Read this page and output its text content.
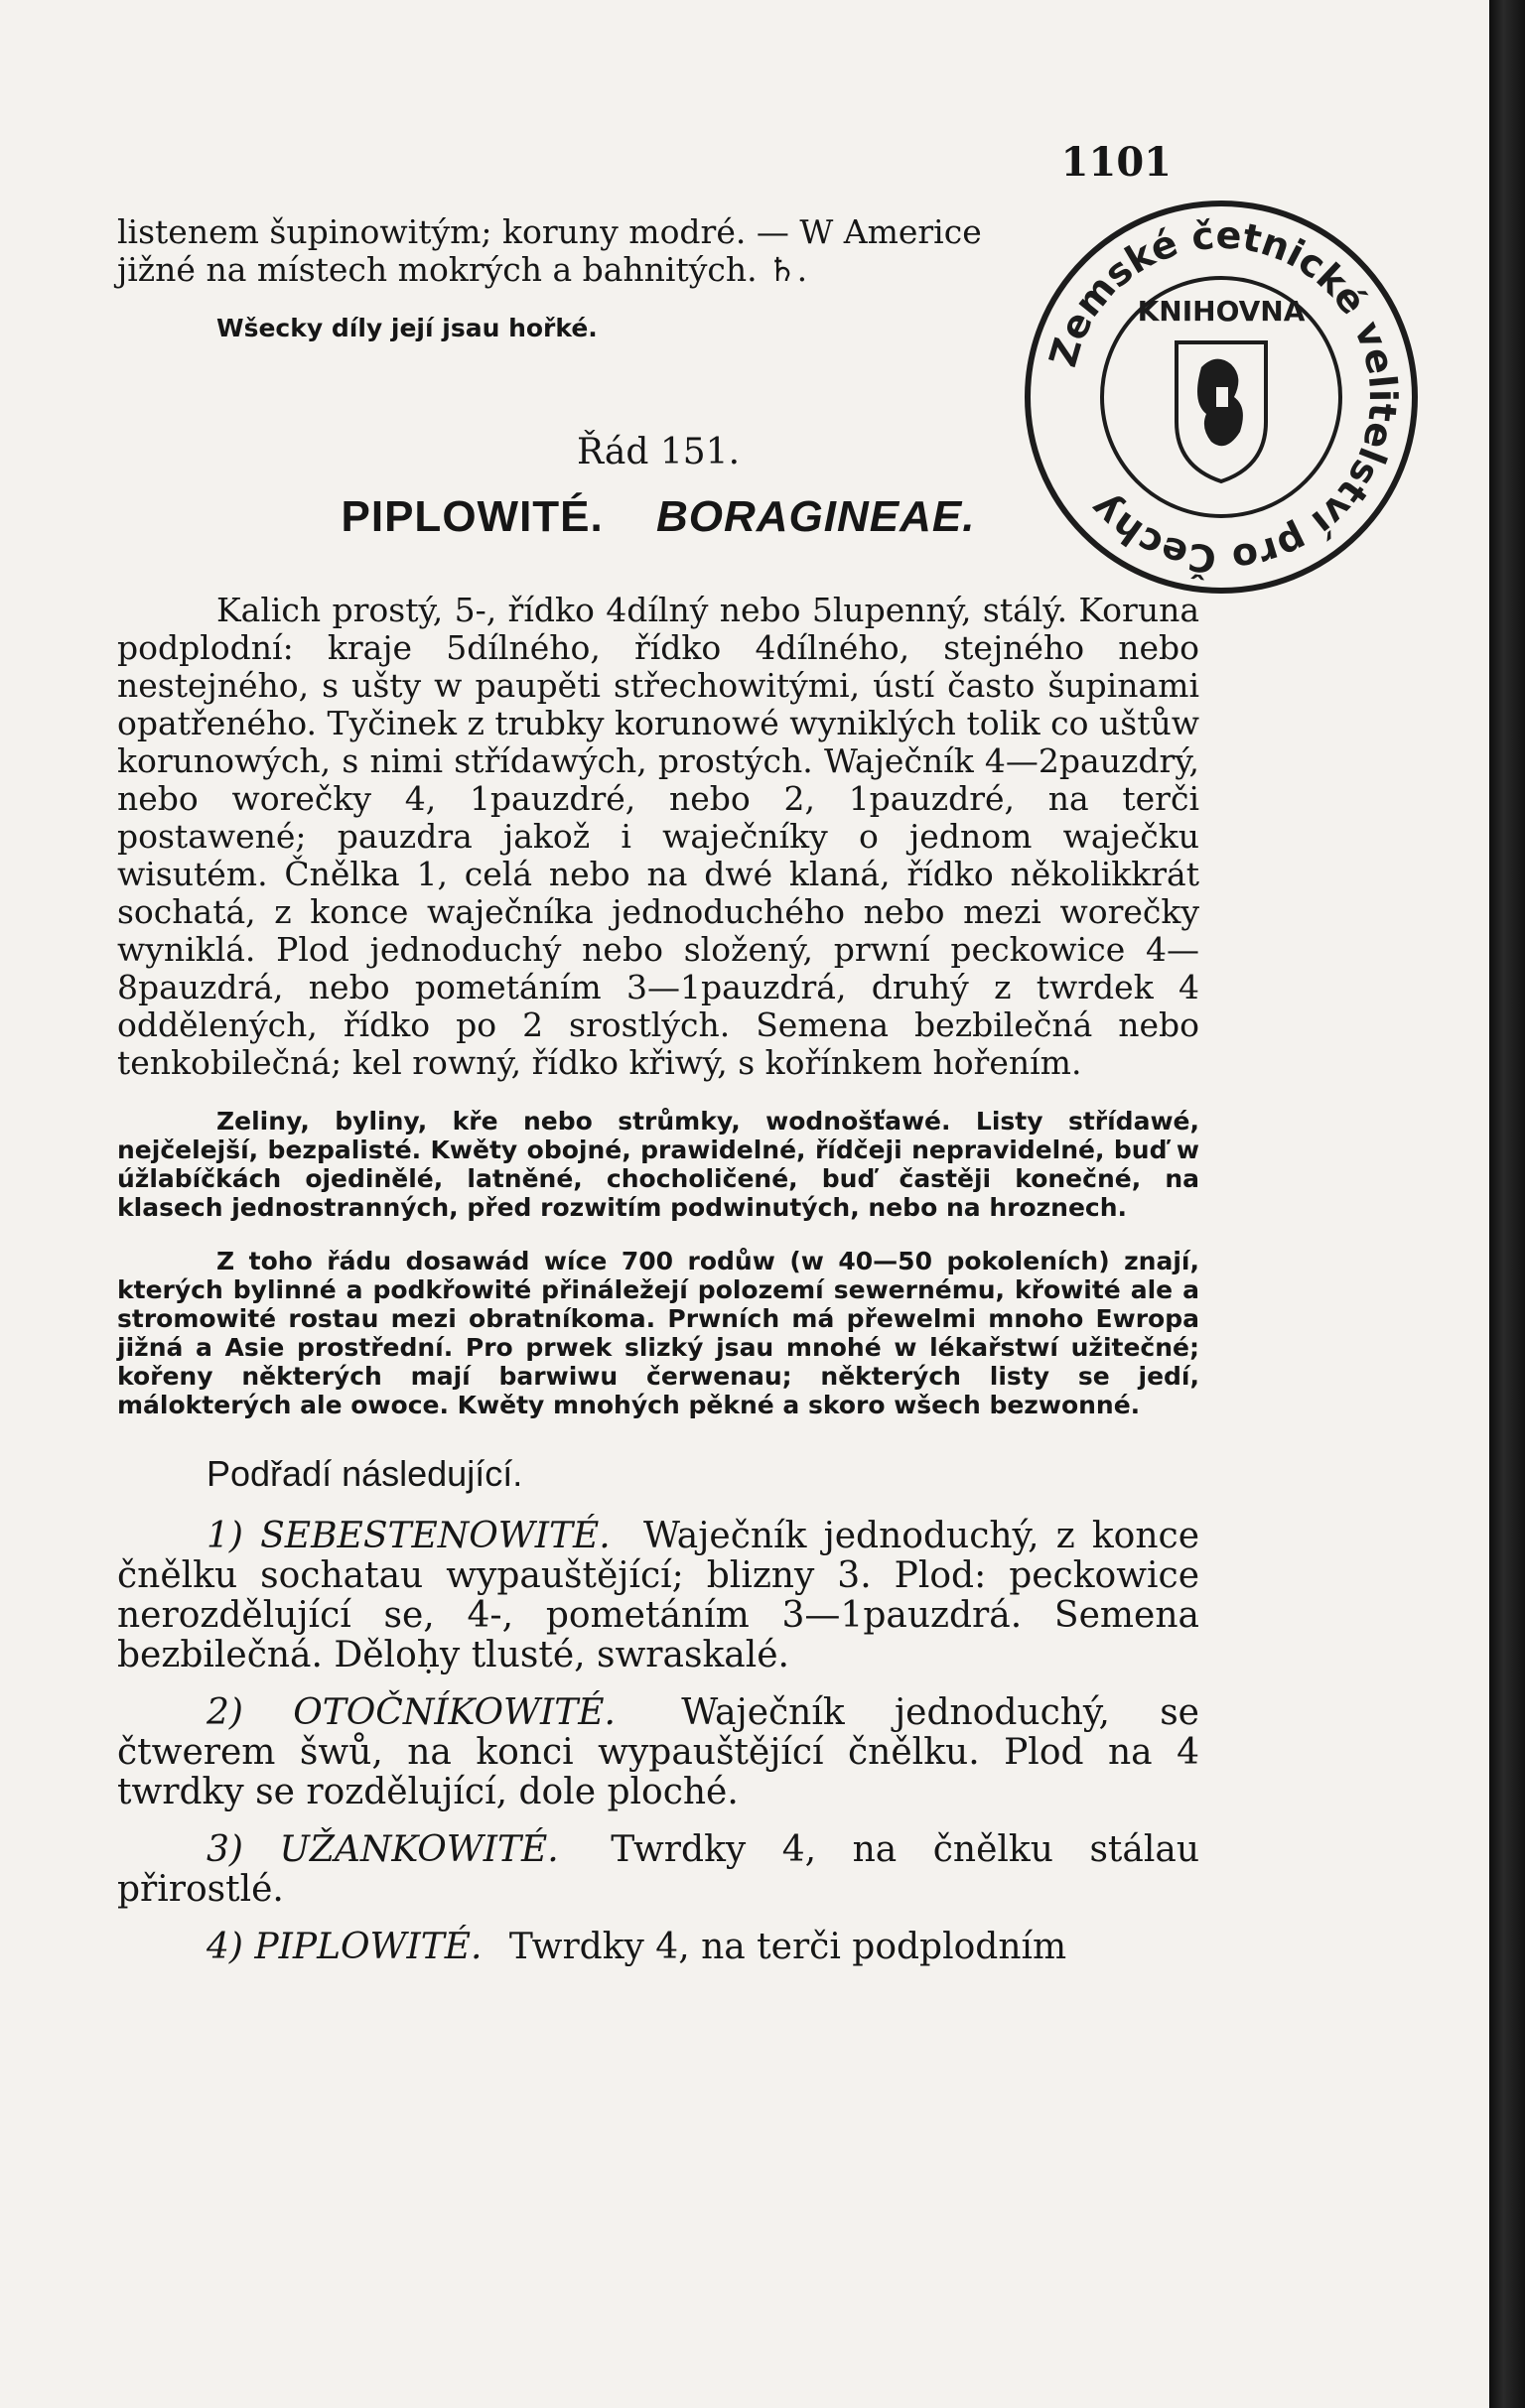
1101

listenem šupinowitým; koruny modré. — W Americe

jižné na místech mokrých a bahnitých. ♄.

Wšecky díly její jsau hořké.

Řád 151.
PIPLOWITÉ. BORAGINEAE.

Kalich prostý, 5-, řídko 4dílný nebo 5lupenný, stálý. Koruna podplodní: kraje 5dílného, řídko 4dílného, stejného nebo nestejného, s ušty w paupěti střechowitými, ústí často šupinami opatřeného. Tyčinek z trubky korunowé wyniklých tolik co uštůw korunowých, s nimi střídawých, prostých. Waječník 4—2pauzdrý, nebo worečky 4, 1pauzdré, nebo 2, 1pauzdré, na terči postawené; pauzdra jakož i waječníky o jednom waječku wisutém. Čnělka 1, celá nebo na dwé klaná, řídko několikkrát sochatá, z konce waječníka jednoduchého nebo mezi worečky wyniklá. Plod jednoduchý nebo složený, prwní peckowice 4—8pauzdrá, nebo pometáním 3—1pauzdrá, druhý z twrdek 4 oddělených, řídko po 2 srostlých. Semena bezbilečná nebo tenkobilečná; kel rowný, řídko křiwý, s kořínkem hořením.

Zeliny, byliny, kře nebo strůmky, wodnošťawé. Listy střídawé, nejčelejší, bezpalisté. Kwěty obojné, prawidelné, řídčeji nepravidelné, buď w úžlabíčkách ojedinělé, latněné, chocholičené, buď častěji konečné, na klasech jednostranných, před rozwitím podwinutých, nebo na hroznech.

Z toho řádu dosawád wíce 700 rodůw (w 40—50 pokoleních) znají, kterých bylinné a podkřowité přináležejí polozemí sewernému, křowité ale a stromowité rostau mezi obratníkoma. Prwních má přewelmi mnoho Ewropa jižná a Asie prostřední. Pro prwek slizký jsau mnohé w lékařstwí užitečné; kořeny některých mají barwiwu čerwenau; některých listy se jedí, málokterých ale owoce. Kwěty mnohých pěkné a skoro wšech bezwonné.

Podřadí následující.

1) SEBESTENOWITÉ. Waječník jednoduchý, z konce čnělku sochatau wypauštějící; blizny 3. Plod: peckowice nerozdělující se, 4-, pometáním 3—1pauzdrá. Semena bezbilečná. Děloḥy tlusté, swraskalé.

2) OTOČNÍKOWITÉ. Waječník jednoduchý, se čtwerem šwů, na konci wypauštějící čnělku. Plod na 4 twrdky se rozdělující, dole ploché.

3) UŽANKOWITÉ. Twrdky 4, na čnělku stálau přirostlé.

4) PIPLOWITÉ. Twrdky 4, na terči podplodním

Zemské četnické velitelství pro Čechy
KNIHOVNA
